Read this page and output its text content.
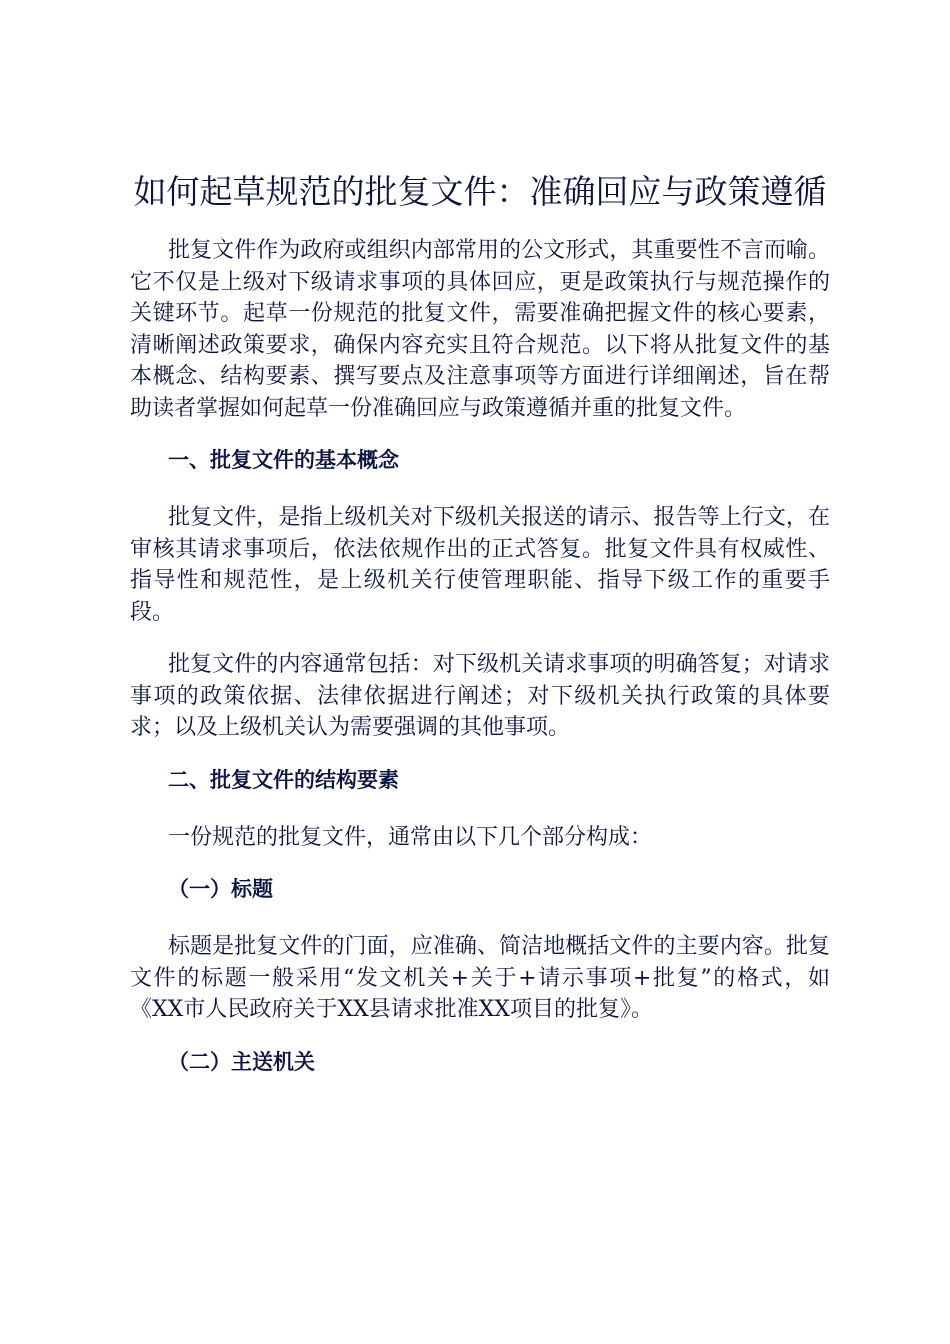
如何起草规范的批复文件：准确回应与政策遵循

批复文件作为政府或组织内部常用的公文形式，其重要性不言而喻。它不仅是上级对下级请求事项的具体回应，更是政策执行与规范操作的关键环节。起草一份规范的批复文件，需要准确把握文件的核心要素，清晰阐述政策要求，确保内容充实且符合规范。以下将从批复文件的基本概念、结构要素、撰写要点及注意事项等方面进行详细阐述，旨在帮助读者掌握如何起草一份准确回应与政策遵循并重的批复文件。

一、批复文件的基本概念

批复文件，是指上级机关对下级机关报送的请示、报告等上行文，在审核其请求事项后，依法依规作出的正式答复。批复文件具有权威性、指导性和规范性，是上级机关行使管理职能、指导下级工作的重要手段。

批复文件的内容通常包括：对下级机关请求事项的明确答复；对请求事项的政策依据、法律依据进行阐述；对下级机关执行政策的具体要求；以及上级机关认为需要强调的其他事项。

二、批复文件的结构要素

一份规范的批复文件，通常由以下几个部分构成：

（一）标题

标题是批复文件的门面，应准确、简洁地概括文件的主要内容。批复文件的标题一般采用“发文机关+关于+请示事项+批复”的格式，如《XX市人民政府关于XX县请求批准XX项目的批复》。

（二）主送机关
